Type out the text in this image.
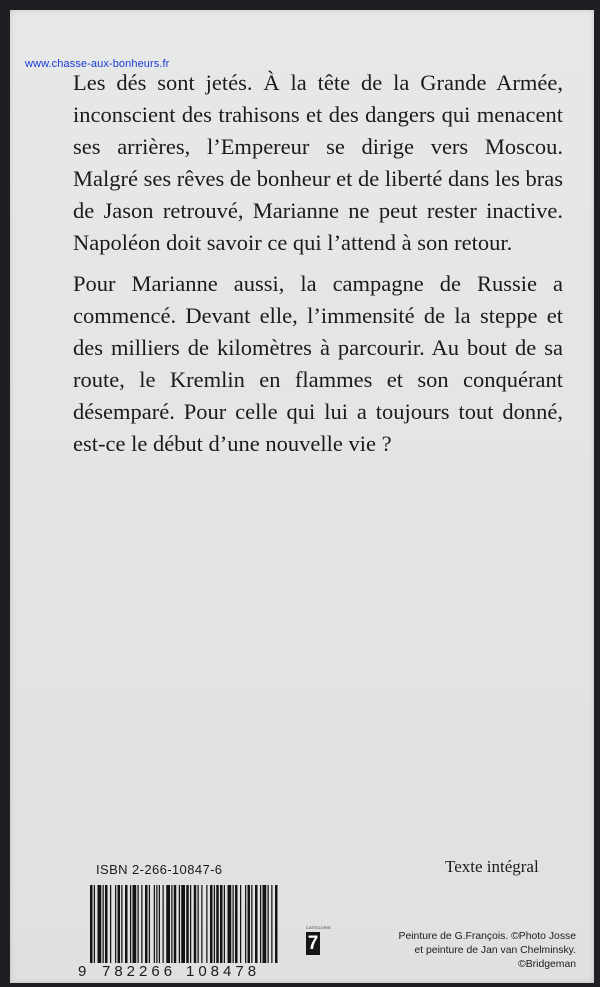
www.chasse-aux-bonheurs.fr

Les dés sont jetés. À la tête de la Grande Armée, inconscient des trahisons et des dangers qui menacent ses arrières, l’Empereur se dirige vers Moscou. Malgré ses rêves de bonheur et de liberté dans les bras de Jason retrouvé, Marianne ne peut rester inactive. Napoléon doit savoir ce qui l’attend à son retour.

Pour Marianne aussi, la campagne de Russie a commencé. Devant elle, l’immensité de la steppe et des milliers de kilomètres à parcourir. Au bout de sa route, le Kremlin en flammes et son conquérant désemparé. Pour celle qui lui a toujours tout donné, est-ce le début d’une nouvelle vie ?

ISBN 2-266-10847-6	Texte intégral
9 782266 108478
CATÉGORIE
7	Peinture de G.François. ©Photo Josse
et peinture de Jan van Chelminsky.
©Bridgeman
